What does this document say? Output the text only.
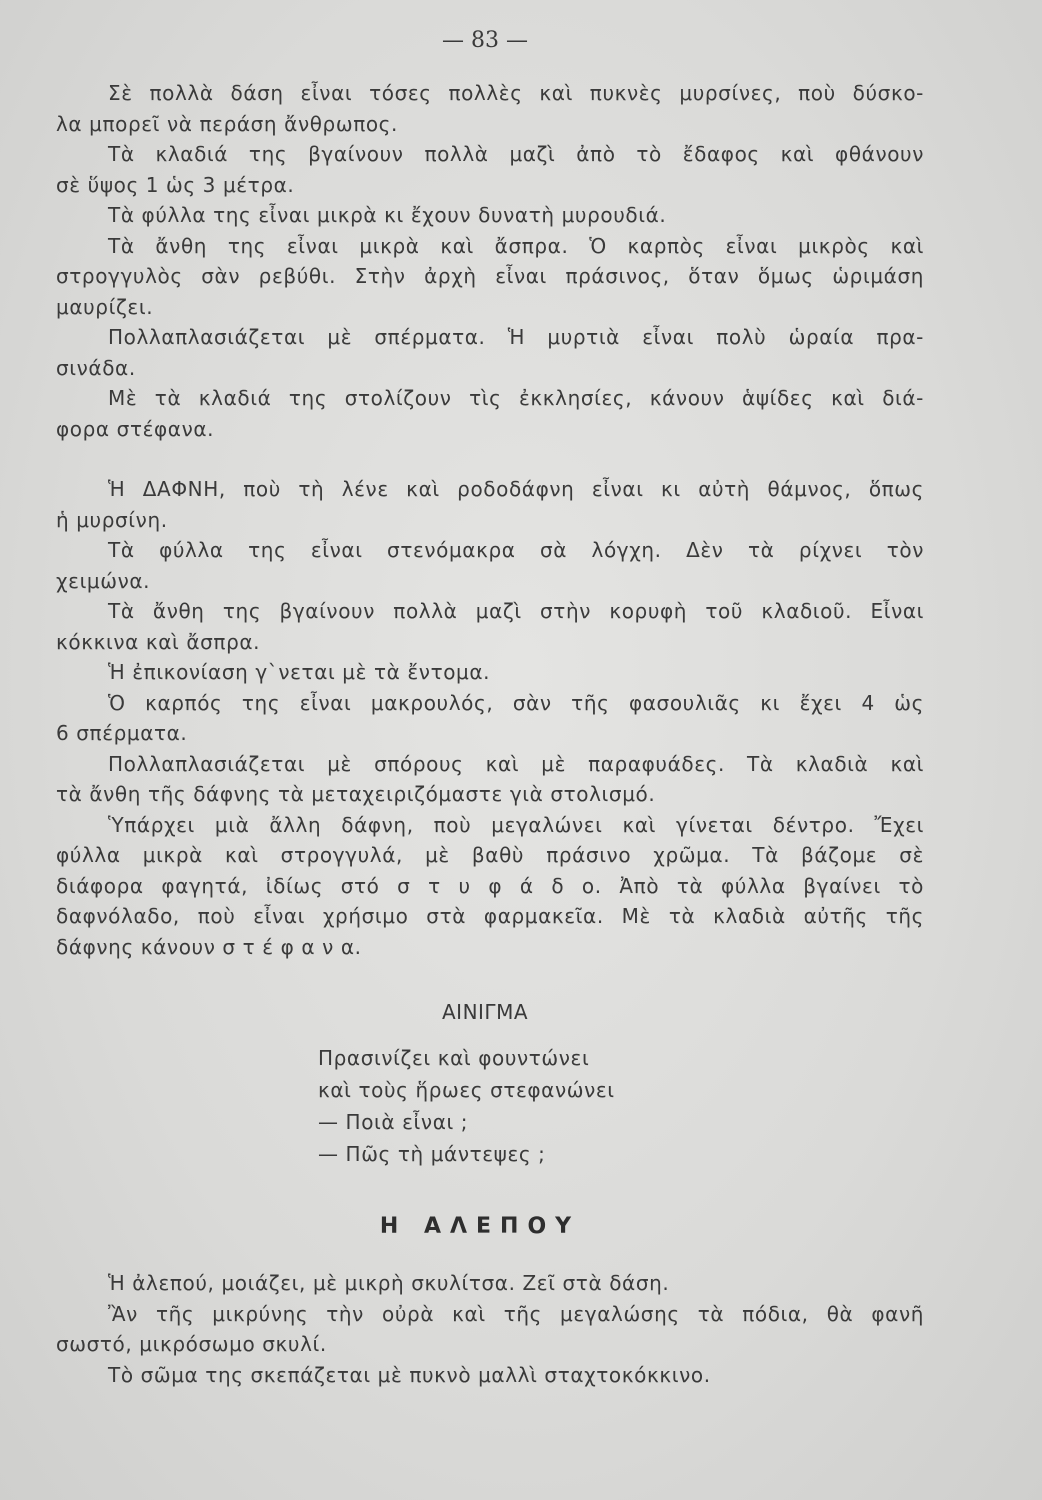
— 83 —

Σὲ πολλὰ δάση εἶναι τόσες πολλὲς καὶ πυκνὲς μυρσίνες, ποὺ δύσκο-

λα μπορεῖ νὰ περάση ἄνθρωπος.

Τὰ κλαδιά της βγαίνουν πολλὰ μαζὶ ἀπὸ τὸ ἔδαφος καὶ φθάνουν

σὲ ὕψος 1 ὡς 3 μέτρα.

Τὰ φύλλα της εἶναι μικρὰ κι ἔχουν δυνατὴ μυρουδιά.

Τὰ ἄνθη της εἶναι μικρὰ καὶ ἄσπρα. Ὁ καρπὸς εἶναι μικρὸς καὶ

στρογγυλὸς σὰν ρεβύθι. Στὴν ἀρχὴ εἶναι πράσινος, ὅταν ὅμως ὡριμάση

μαυρίζει.

Πολλαπλασιάζεται μὲ σπέρματα. Ἡ μυρτιὰ εἶναι πολὺ ὡραία πρα-

σινάδα.

Μὲ τὰ κλαδιά της στολίζουν τὶς ἐκκλησίες, κάνουν ἁψίδες καὶ διά-

φορα στέφανα.

Ἡ ΔΑΦΝΗ, ποὺ τὴ λένε καὶ ροδοδάφνη εἶναι κι αὐτὴ θάμνος, ὅπως

ἡ μυρσίνη.

Τὰ φύλλα της εἶναι στενόμακρα σὰ λόγχη. Δὲν τὰ ρίχνει τὸν

χειμώνα.

Τὰ ἄνθη της βγαίνουν πολλὰ μαζὶ στὴν κορυφὴ τοῦ κλαδιοῦ. Εἶναι

κόκκινα καὶ ἄσπρα.

Ἡ ἐπικονίαση γ`νεται μὲ τὰ ἔντομα.

Ὁ καρπός της εἶναι μακρουλός, σὰν τῆς φασουλιᾶς κι ἔχει 4 ὡς

6 σπέρματα.

Πολλαπλασιάζεται μὲ σπόρους καὶ μὲ παραφυάδες. Τὰ κλαδιὰ καὶ

τὰ ἄνθη τῆς δάφνης τὰ μεταχειριζόμαστε γιὰ στολισμό.

Ὑπάρχει μιὰ ἄλλη δάφνη, ποὺ μεγαλώνει καὶ γίνεται δέντρο. Ἔχει

φύλλα μικρὰ καὶ στρογγυλά, μὲ βαθὺ πράσινο χρῶμα. Τὰ βάζομε σὲ

διάφορα φαγητά, ἰδίως στό σ τ υ φ ά δ ο. Ἀπὸ τὰ φύλλα βγαίνει τὸ

δαφνόλαδο, ποὺ εἶναι χρήσιμο στὰ φαρμακεῖα. Μὲ τὰ κλαδιὰ αὐτῆς τῆς

δάφνης κάνουν σ τ έ φ α ν α.

ΑΙΝΙΓΜΑ

Πρασινίζει καὶ φουντώνει

καὶ τοὺς ἥρωες στεφανώνει

— Ποιὰ εἶναι ;

— Πῶς τὴ μάντεψες ;

Η ΑΛΕΠΟΥ

Ἡ ἀλεπού, μοιάζει, μὲ μικρὴ σκυλίτσα. Ζεῖ στὰ δάση.

Ἂν τῆς μικρύνης τὴν οὐρὰ καὶ τῆς μεγαλώσης τὰ πόδια, θὰ φανῆ

σωστό, μικρόσωμο σκυλί.

Τὸ σῶμα της σκεπάζεται μὲ πυκνὸ μαλλὶ σταχτοκόκκινο.
